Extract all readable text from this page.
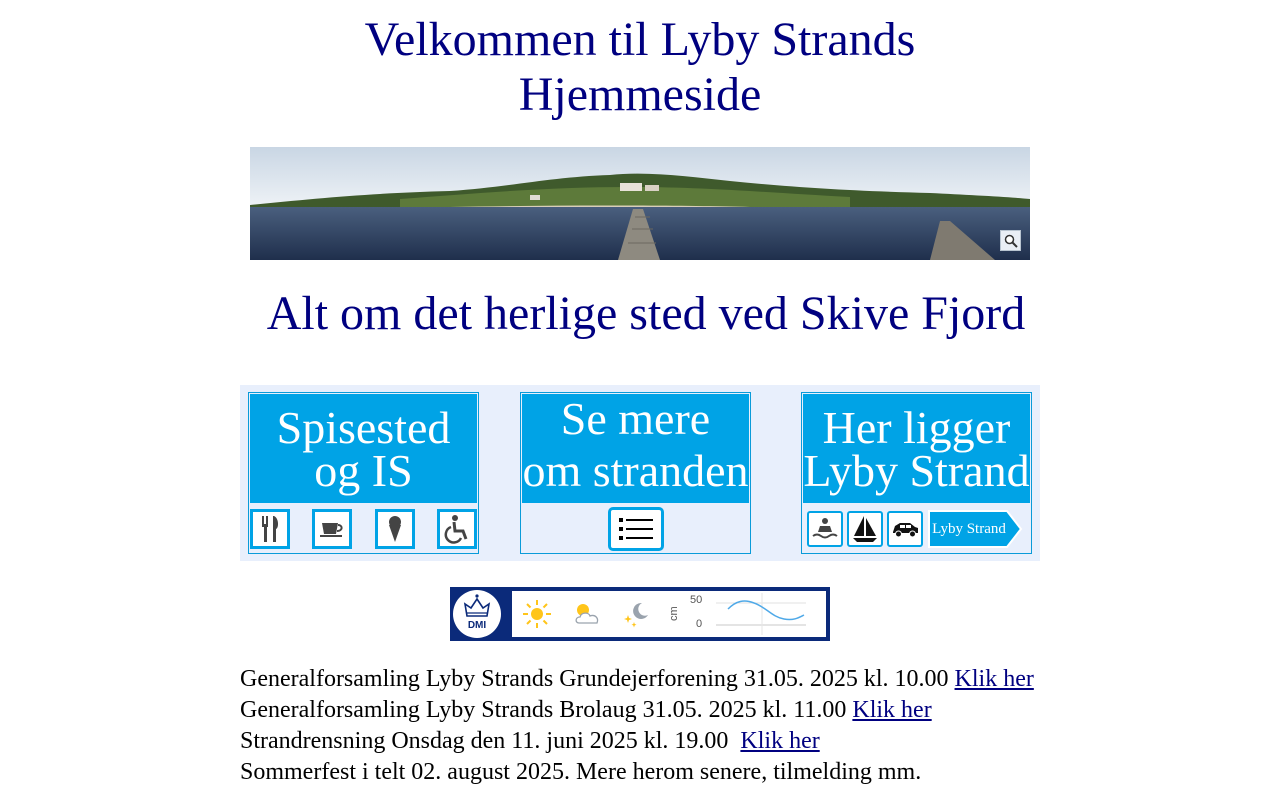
Velkommen til Lyby Strands
Hjemmeside
Alt om det herlige sted ved Skive Fjord
Spisested
og IS
Se mere
om stranden
Her ligger
Lyby Strand
Lyby Strand
DMI
cm
50
0
Generalforsamling Lyby Strands Grundejerforening 31.05. 2025 kl. 10.00 Klik her
Generalforsamling Lyby Strands Brolaug 31.05. 2025 kl. 11.00 Klik her
Strandrensning Onsdag den 11. juni 2025 kl. 19.00  Klik her
Sommerfest i telt 02. august 2025. Mere herom senere, tilmelding mm.
